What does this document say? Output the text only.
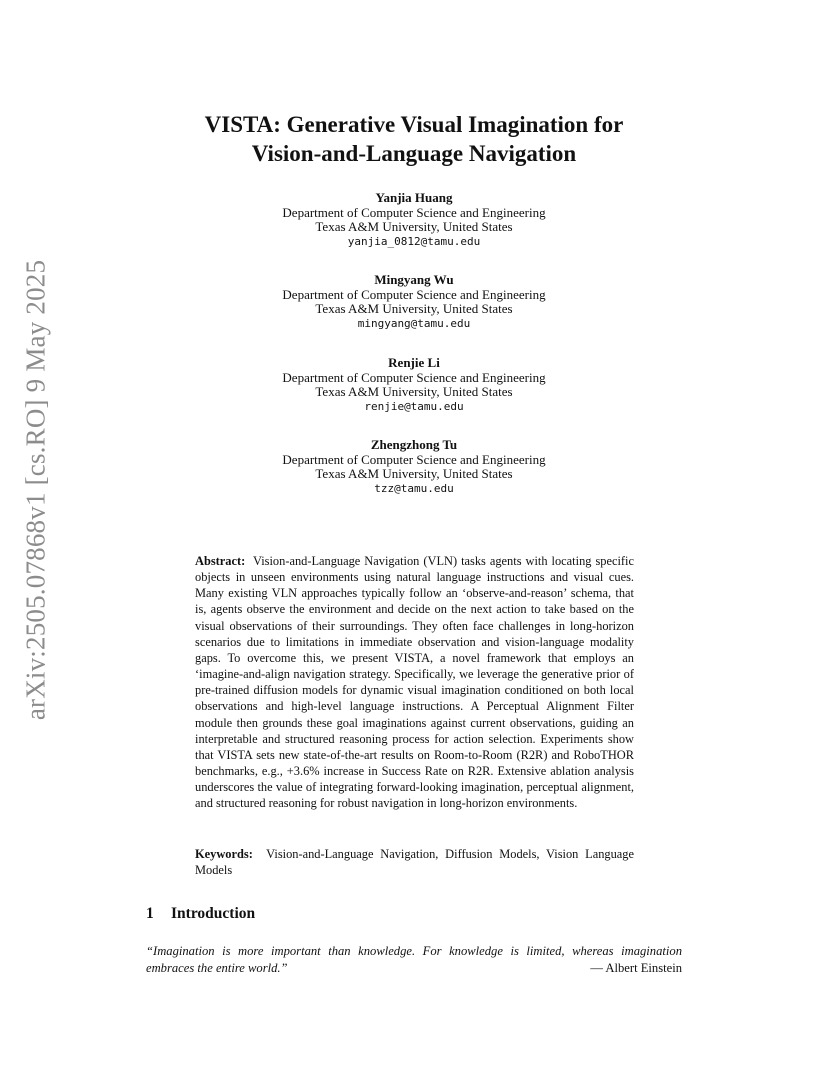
arXiv:2505.07868v1 [cs.RO] 9 May 2025
VISTA: Generative Visual Imagination for
Vision-and-Language Navigation
Yanjia Huang
Department of Computer Science and Engineering
Texas A&M University, United States
yanjia_0812@tamu.edu
Mingyang Wu
Department of Computer Science and Engineering
Texas A&M University, United States
mingyang@tamu.edu
Renjie Li
Department of Computer Science and Engineering
Texas A&M University, United States
renjie@tamu.edu
Zhengzhong Tu
Department of Computer Science and Engineering
Texas A&M University, United States
tzz@tamu.edu

Abstract: Vision-and-Language Navigation (VLN) tasks agents with locating specific objects in unseen environments using natural language instructions and visual cues. Many existing VLN approaches typically follow an ‘observe-and-reason’ schema, that is, agents observe the environment and decide on the next action to take based on the visual observations of their surroundings. They often face challenges in long-horizon scenarios due to limitations in immediate observation and vision-language modality gaps. To overcome this, we present VISTA, a novel framework that employs an ‘imagine-and-align navigation strategy. Specifically, we leverage the generative prior of pre-trained diffusion models for dynamic visual imagination conditioned on both local observations and high-level language instructions. A Perceptual Alignment Filter module then grounds these goal imaginations against current observations, guiding an interpretable and structured reasoning process for action selection. Experiments show that VISTA sets new state-of-the-art results on Room-to-Room (R2R) and RoboTHOR benchmarks, e.g., +3.6% increase in Success Rate on R2R. Extensive ablation analysis underscores the value of integrating forward-looking imagination, perceptual alignment, and structured reasoning for robust navigation in long-horizon environments.

Keywords: Vision-and-Language Navigation, Diffusion Models, Vision Language Models

1 Introduction
“Imagination is more important than knowledge. For knowledge is limited, whereas imagination embraces the entire world.”	— Albert Einstein
